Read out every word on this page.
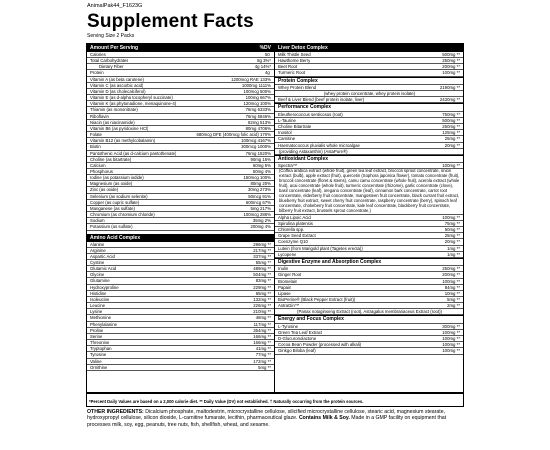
AnimalPak44_F1623G
Supplement Facts
Serving Size 2 Packs
Amount Per Serving	%DV
Calories	50
Total Carbohydrates	8g 3%*
Dietary Fiber	4g 14%*
Protein	4g
Vitamin A (as beta carotene)	1200mcg RAE 133%
Vitamin C (as ascorbic acid)	1000mg 1111%
Vitamin D (as cholecalciferol)	100mcg 500%
Vitamin E (as d-alpha tocopheryl succinate)	100mg 667%
Vitamin K (as phytonadione, menaquinone-4)	120mcg 100%
Thiamin (as mononitrate)	76mg 6333%
Riboflavin	76mg 5846%
Niacin (as niacinamide)	82mg 513%
Vitamin B6 (as pyridoxine HCl)	80mg 4706%
Folate	680mcg DFE (400mcg folic acid) 170%
Vitamin B12 (as methylcobalamin)	100mcg 4167%
Biotin	300mcg 1000%
Pantothenic Acid (as d-calcium pantothenate)	76mg 1520%
Choline (as bitartrate)	90mg 16%
Calcium	60mg 5%
Phosphorus	50mg 4%
Iodine (as potassium iodide)	150mcg 100%
Magnesium (as oxide)	80mg 20%
Zinc (as oxide)	30mg 273%
Selenium (as sodium selenite)	50mcg 91%
Copper (as cupric sulfate)	600mcg 67%
Manganese (as sulfate)	5mg 217%
Chromium (as chromium chloride)	100mcg 286%
Sodium	35mg 2%
Potassium (as sulfate)	200mg 4%
Amino Acid Complex
Alanine	296mg **
Arginine	217mg **
Aspartic Acid	337mg **
Cystine	55mg **
Glutamic Acid	489mg **
Glycine	504mg **
Glutamine	83mg **
Hydroxyproline	229mg **
Histidine	65mg **
Isoleucine	132mg **
Leucine	226mg **
Lysine	210mg **
Methionine	48mg **
Phenylalanine	117mg **
Proline	354mg **
Serine	166mg **
Threonine	166mg **
Tryptophan	41mg **
Tyrosine	77mg **
Valine	172mg **
Ornithine	5mg **
Liver Detox Complex
Milk Thistle Seed	500mg **
Hawthorne Berry	250mg **
Beet Root	200mg **
Turmeric Root	100mg **
Protein Complex
Whey Protein Blend	2190mg **
(whey protein concentrate, whey protein isolate)
Beef & Liver Blend (beef protein isolate, liver)	2430mg **
Performance Complex
Eleutherococcus senticosus (root)	750mg **
L-Taurine	500mg **
Choline Bitartrate	250mg **
Inositol	125mg **
Carnitine	25mg **
Haematococcus pluvialis whole microalgae	20mg **
(providing Astaxanthin) (AstaPure®)
Antioxidant Complex
Spectra™	100mg **
(Coffea arabica extract (whole fruit), green tea leaf extract, broccoli sprout concentrate, onion extract (bulb), apple extract (fruit), quercetin (Sophora japonica flower), tomato concentrate (fruit), broccoli concentrate (floret & stems), camu camu concentrate (whole fruit), acerola extract (whole fruit), acai concentrate (whole fruit), turmeric concentrate (rhizome), garlic concentrate (clove), basil concentrate (leaf), oregano concentrate (leaf), cinnamon bark concentrate, carrot root concentrate, elderberry fruit concentrate, mangosteen fruit concentrate, black currant fruit extract, blueberry fruit extract, sweet cherry fruit concentrate, raspberry concentrate (berry), spinach leaf concentrate, chokeberry fruit concentrate, kale leaf concentrate, blackberry fruit concentrate, bilberry fruit extract, brussels sprout concentrate.)
Alpha Lipoic Acid	100mg **
Spirulina platensis	75mg **
Chlorella spp.	50mg **
Grape Seed Extract	25mg **
Coenzyme Q10	20mg **
Lutein (from Marigold plant (Tagetes erecta))	1mg **
Lycopene	1mg **
Digestive Enzyme and Absorption Complex
Inulin	250mg **
Ginger Root	200mg **
Bromelain	100mg **
Papain	84mg **
Lipase	10mg **
BioPerine® (Black Pepper Extract (fruit))	5mg **
AstraGin™	2mg **
(Panax notoginseng Extract (root), Astragalus membranaceus Extract (root))
Energy and Focus Complex
L-Tyrosine	300mg **
Green Tea Leaf Extract	100mg **
D-Glucuronolactone	100mg **
Cocoa Bean Powder (processed with alkali)	100mg **
Ginkgo Biloba (leaf)	100mg **
*Percent Daily Values are based on a 2,000 calorie diet. ** Daily Value (DV) not established. † Naturally occurring from the protein sources.
OTHER INGREDIENTS: Dicalcium phosphate, maltodextrin, microcrystalline cellulose, silicified microcrystalline cellulose, stearic acid, magnesium stearate, hydroxypropyl cellulose, silicon dioxide, L-carnitine fumarate, lecithin, pharmaceutical glaze. Contains Milk & Soy. Made in a GMP facility on equipment that processes milk, soy, egg, peanuts, tree nuts, fish, shellfish, wheat, and sesame.
